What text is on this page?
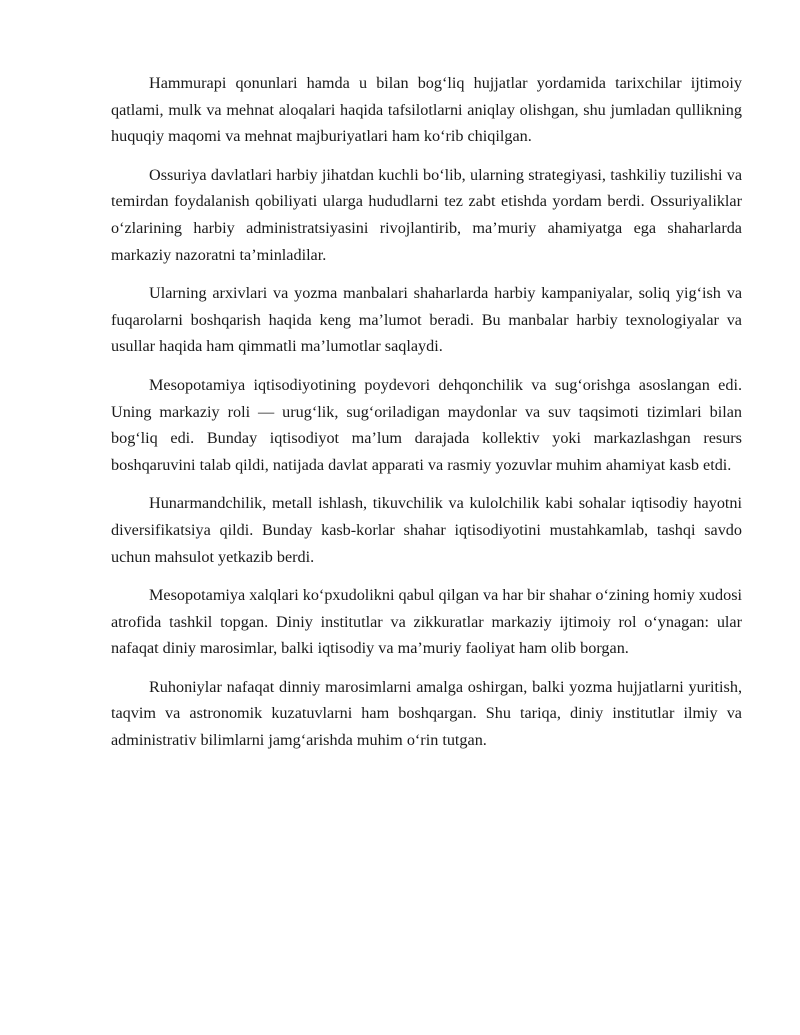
Hammurapi qonunlari hamda u bilan bog‘liq hujjatlar yordamida tarixchilar ijtimoiy qatlami, mulk va mehnat aloqalari haqida tafsilotlarni aniqlay olishgan, shu jumladan qullikning huquqiy maqomi va mehnat majburiyatlari ham ko‘rib chiqilgan.

Ossuriya davlatlari harbiy jihatdan kuchli bo‘lib, ularning strategiyasi, tashkiliy tuzilishi va temirdan foydalanish qobiliyati ularga hududlarni tez zabt etishda yordam berdi. Ossuriyaliklar o‘zlarining harbiy administratsiyasini rivojlantirib, ma’muriy ahamiyatga ega shaharlarda markaziy nazoratni ta’minladilar.

Ularning arxivlari va yozma manbalari shaharlarda harbiy kampaniyalar, soliq yig‘ish va fuqarolarni boshqarish haqida keng ma’lumot beradi. Bu manbalar harbiy texnologiyalar va usullar haqida ham qimmatli ma’lumotlar saqlaydi.

Mesopotamiya iqtisodiyotining poydevori dehqonchilik va sug‘orishga asoslangan edi. Uning markaziy roli — urug‘lik, sug‘oriladigan maydonlar va suv taqsimoti tizimlari bilan bog‘liq edi. Bunday iqtisodiyot ma’lum darajada kollektiv yoki markazlashgan resurs boshqaruvini talab qildi, natijada davlat apparati va rasmiy yozuvlar muhim ahamiyat kasb etdi.

Hunarmandchilik, metall ishlash, tikuvchilik va kulolchilik kabi sohalar iqtisodiy hayotni diversifikatsiya qildi. Bunday kasb-korlar shahar iqtisodiyotini mustahkamlab, tashqi savdo uchun mahsulot yetkazib berdi.

Mesopotamiya xalqlari ko‘pxudolikni qabul qilgan va har bir shahar o‘zining homiy xudosi atrofida tashkil topgan. Diniy institutlar va zikkuratlar markaziy ijtimoiy rol o‘ynagan: ular nafaqat diniy marosimlar, balki iqtisodiy va ma’muriy faoliyat ham olib borgan.

Ruhoniylar nafaqat dinniy marosimlarni amalga oshirgan, balki yozma hujjatlarni yuritish, taqvim va astronomik kuzatuvlarni ham boshqargan. Shu tariqa, diniy institutlar ilmiy va administrativ bilimlarni jamg‘arishda muhim o‘rin tutgan.
